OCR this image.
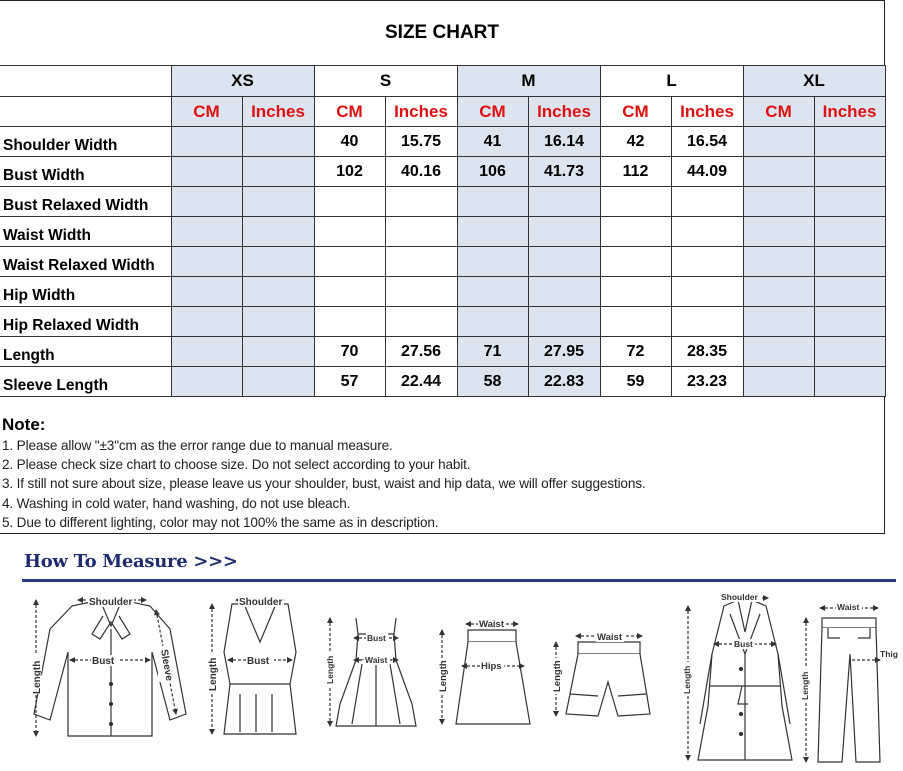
SIZE CHART
	XS		S		M		L		XL	
	CM	Inches	CM	Inches	CM	Inches	CM	Inches	CM	Inches
Shoulder Width			40	15.75	41	16.14	42	16.54		
Bust Width			102	40.16	106	41.73	112	44.09		
Bust Relaxed Width										
Waist Width										
Waist Relaxed Width										
Hip Width										
Hip Relaxed Width										
Length			70	27.56	71	27.95	72	28.35		
Sleeve Length			57	22.44	58	22.83	59	23.23		
Note:
1. Please allow "±3"cm as the error range due to manual measure.
2. Please check size chart to choose size. Do not select according to your habit.
3. If still not sure about size, please leave us your shoulder, bust, waist and hip data, we will offer suggestions.
4. Washing in cold water, hand washing, do not use bleach.
5. Due to different lighting, color may not 100% the same as in description.
How To Measure >>>
Shoulder
Bust
Length	Sleeve
Shoulder
Bust
Length
Bust
Waist
Length
Waist
Hips
Length
Waist
Length
Shoulder
Bust
Length
Waist
Thig
Length
